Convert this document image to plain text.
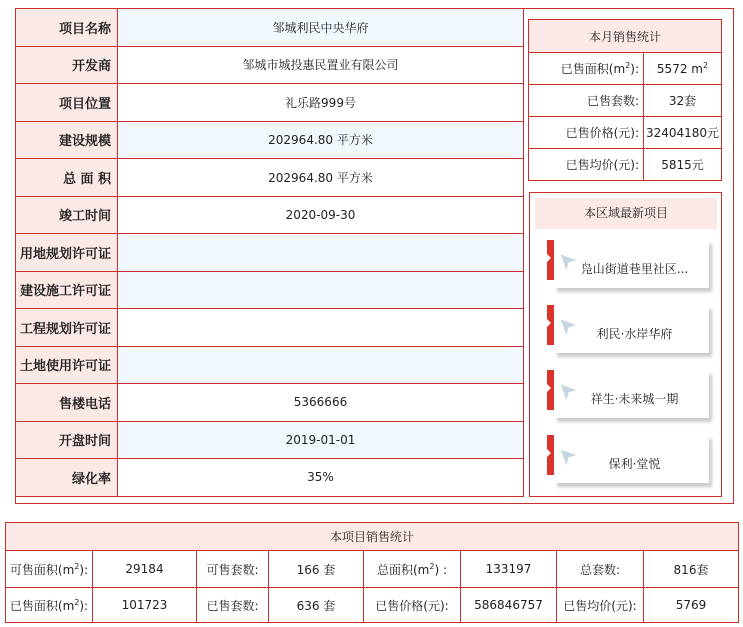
项目名称	邹城利民中央华府
开发商	邹城市城投惠民置业有限公司
项目位置	礼乐路999号
建设规模	202964.80 平方米
总 面 积	202964.80 平方米
竣工时间	2020-09-30
用地规划许可证	
建设施工许可证	
工程规划许可证	
土地使用许可证	
售楼电话	5366666
开盘时间	2019-01-01
绿化率	35%
本月销售统计	
已售面积$(m^2)$:	5572 $m^2$
已售套数:	32套
已售价格(元):	32404180元
已售均价(元):	5815元
本区域最新项目
➤ 凫山街道巷里社区...
➤	利民·水岸华府
➤ 祥生·未来城一期
➤	保利·堂悦
本项目销售统计							
可售面积$(m^2)$:	29184	可售套数:	166 套	总面积$(m^2)$ :	133197	总套数:	816套
已售面积$(m^2)$:	101723	已售套数:	636 套	已售价格(元):	586846757	已售均价(元):	5769
